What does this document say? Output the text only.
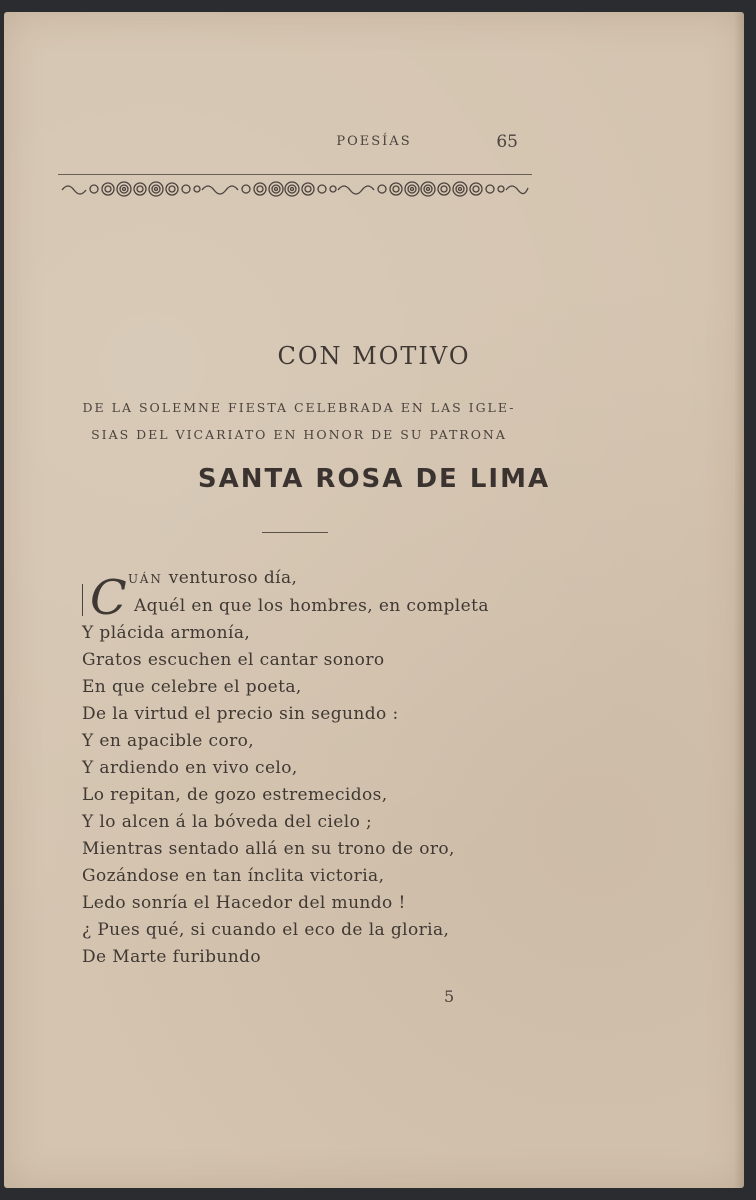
POESÍAS	65
CON MOTIVO
DE LA SOLEMNE FIESTA CELEBRADA EN LAS IGLE-
SIAS DEL VICARIATO EN HONOR DE SU PATRONA
SANTA ROSA DE LIMA
C UÁN venturoso día,
Aquél en que los hombres, en completa
Y plácida armonía,
Gratos escuchen el cantar sonoro
En que celebre el poeta,
De la virtud el precio sin segundo :
Y en apacible coro,
Y ardiendo en vivo celo,
Lo repitan, de gozo estremecidos,
Y lo alcen á la bóveda del cielo ;
Mientras sentado allá en su trono de oro,
Gozándose en tan ínclita victoria,
Ledo sonría el Hacedor del mundo !
¿ Pues qué, si cuando el eco de la gloria,
De Marte furibundo
5
